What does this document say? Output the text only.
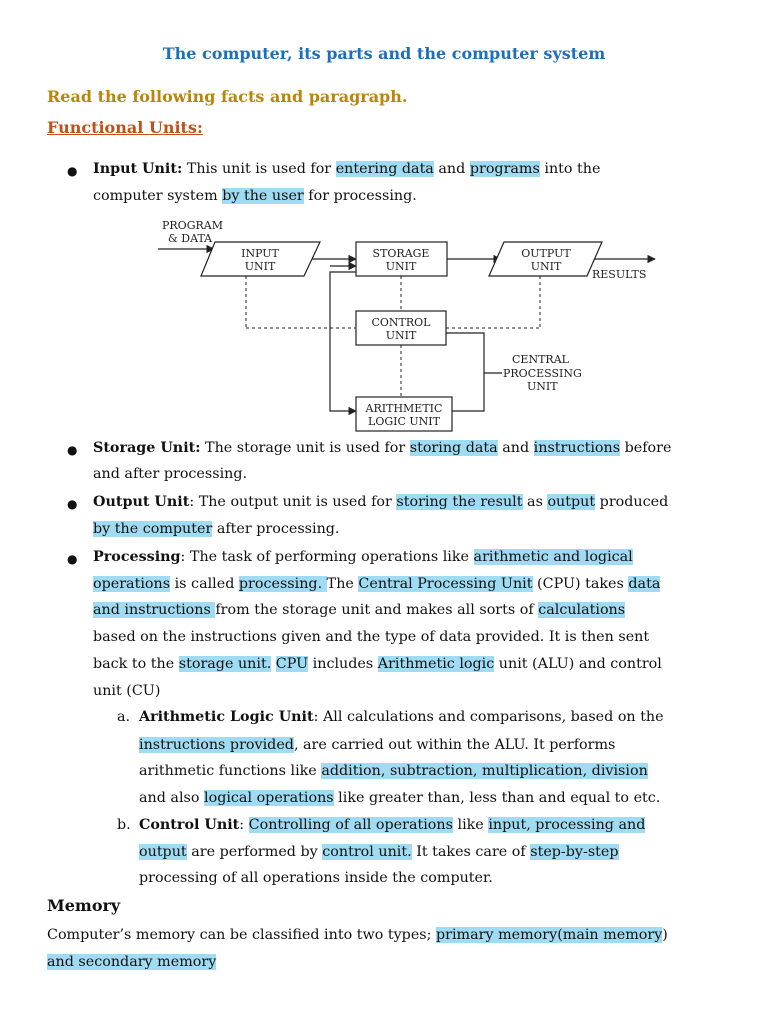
The computer, its parts and the computer system
Read the following facts and paragraph.
Functional Units:
● Input Unit: This unit is used for entering data and programs into the
computer system by the user for processing.
PROGRAM
& DATA
INPUT
UNIT
STORAGE
UNIT
OUTPUT
UNIT
RESULTS
CONTROL
UNIT
ARITHMETIC
LOGIC UNIT
CENTRAL
PROCESSING
UNIT
● Storage Unit: The storage unit is used for storing data and instructions before
and after processing.
● Output Unit: The output unit is used for storing the result as output produced
by the computer after processing.
● Processing: The task of performing operations like arithmetic and logical
operations is called processing. The Central Processing Unit (CPU) takes data
and instructions from the storage unit and makes all sorts of calculations
based on the instructions given and the type of data provided. It is then sent
back to the storage unit. CPU includes Arithmetic logic unit (ALU) and control
unit (CU)
a. Arithmetic Logic Unit: All calculations and comparisons, based on the
instructions provided, are carried out within the ALU. It performs
arithmetic functions like addition, subtraction, multiplication, division
and also logical operations like greater than, less than and equal to etc.
b. Control Unit: Controlling of all operations like input, processing and
output are performed by control unit. It takes care of step-by-step
processing of all operations inside the computer.
Memory
Computer’s memory can be classified into two types; primary memory(main memory)
and secondary memory
